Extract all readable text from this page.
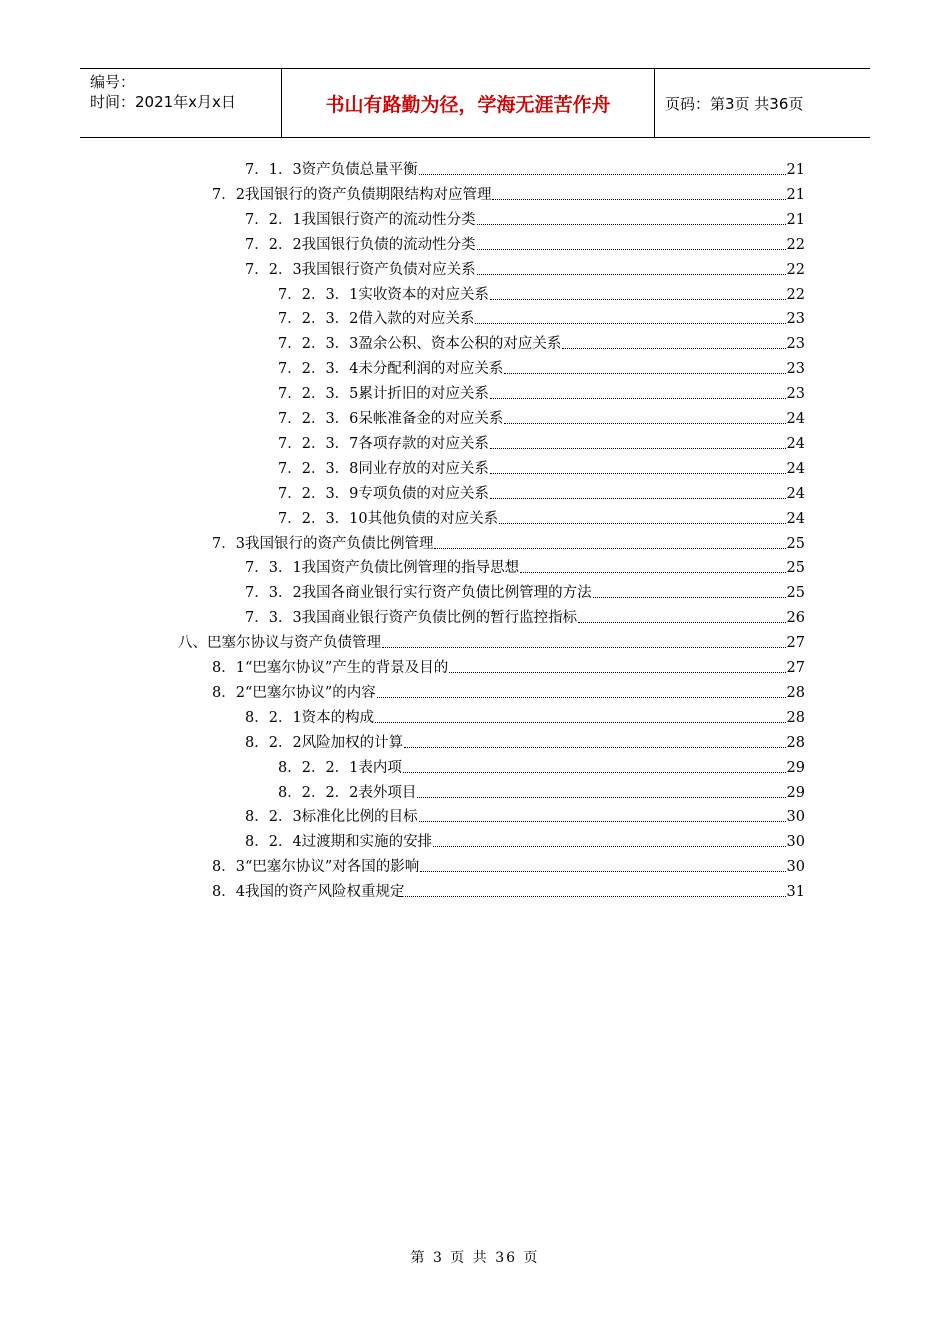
编号：
时间：2021年x月x日	书山有路勤为径，学海无涯苦作舟	页码：第3页 共36页
7．1．3资产负债总量平衡	21
7．2我国银行的资产负债期限结构对应管理	21
7．2．1我国银行资产的流动性分类	21
7．2．2我国银行负债的流动性分类	22
7．2．3我国银行资产负债对应关系	22
7．2．3．1实收资本的对应关系	22
7．2．3．2借入款的对应关系	23
7．2．3．3盈余公积、资本公积的对应关系	23
7．2．3．4未分配利润的对应关系	23
7．2．3．5累计折旧的对应关系	23
7．2．3．6呆帐准备金的对应关系	24
7．2．3．7各项存款的对应关系	24
7．2．3．8同业存放的对应关系	24
7．2．3．9专项负债的对应关系	24
7．2．3．10其他负债的对应关系	24
7．3我国银行的资产负债比例管理	25
7．3．1我国资产负债比例管理的指导思想	25
7．3．2我国各商业银行实行资产负债比例管理的方法	25
7．3．3我国商业银行资产负债比例的暂行监控指标	26
八、巴塞尔协议与资产负债管理	27
8．1“巴塞尔协议”产生的背景及目的	27
8．2“巴塞尔协议”的内容	28
8．2．1资本的构成	28
8．2．2风险加权的计算	28
8．2．2．1表内项	29
8．2．2．2表外项目	29
8．2．3标准化比例的目标	30
8．2．4过渡期和实施的安排	30
8．3“巴塞尔协议”对各国的影响	30
8．4我国的资产风险权重规定	31
第 3 页 共 36 页
